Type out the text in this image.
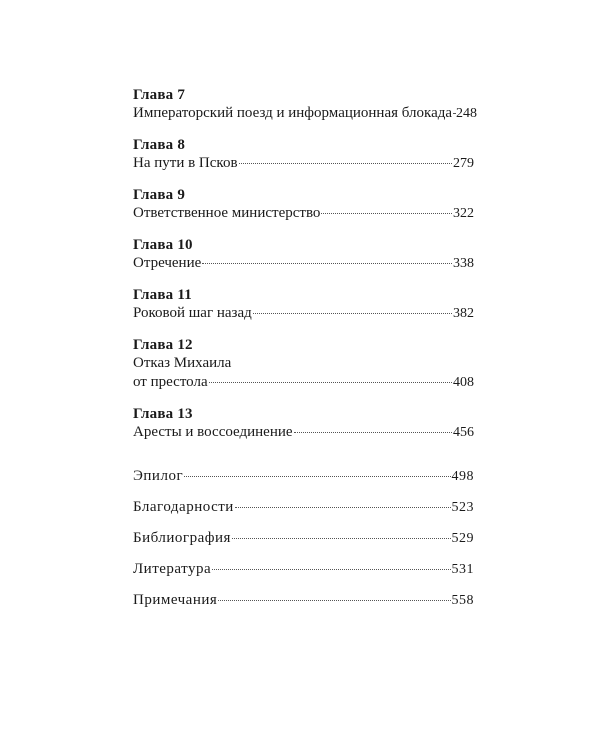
Глава 7
Императорский поезд и информационная блокада 248
Глава 8
На пути в Псков	279
Глава 9
Ответственное министерство	322
Глава 10
Отречение	338
Глава 11
Роковой шаг назад	382
Глава 12
Отказ Михаила
от престола	408
Глава 13
Аресты и воссоединение	456
Эпилог	498
Благодарности	523
Библиография	529
Литература	531
Примечания	558
